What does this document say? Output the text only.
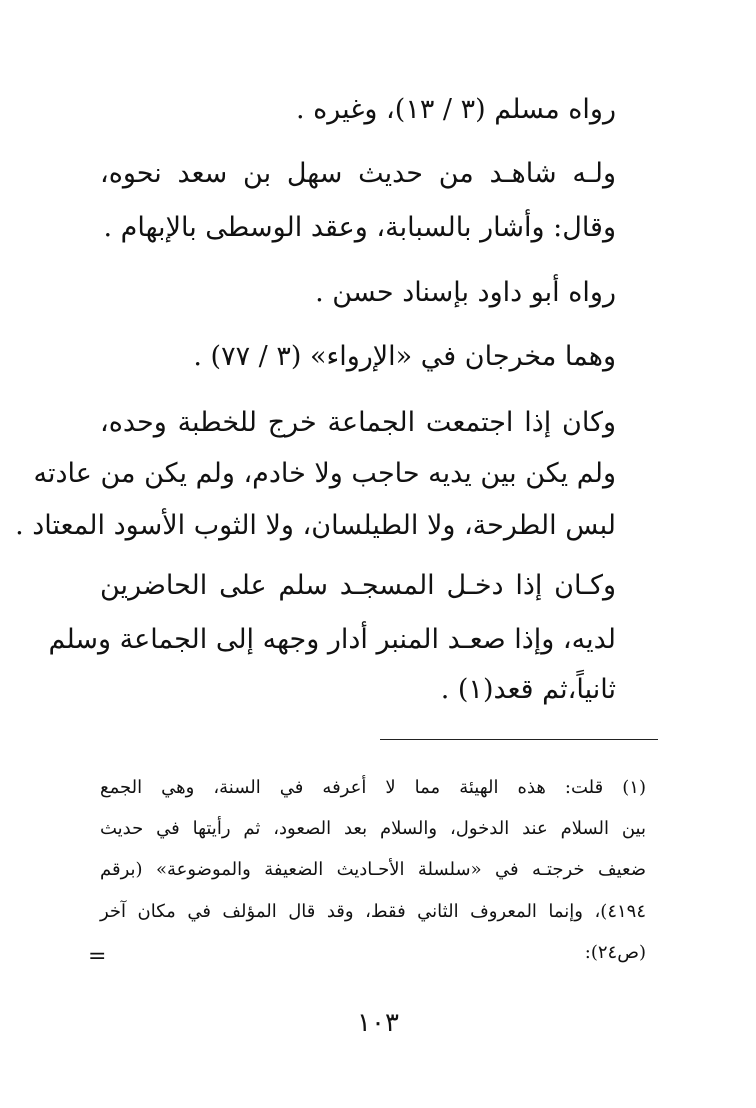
رواه مسلم (٣ / ١٣)، وغيره .
ولـه شاهـد من حديث سهل بن سعد نحوه،
وقال: وأشار بالسبابة، وعقد الوسطى بالإبهام .
رواه أبو داود بإسناد حسن .
وهما مخرجان في «الإرواء» (٣ / ٧٧) .
وكان إذا اجتمعت الجماعة خرج للخطبة وحده،
ولم يكن بين يديه حاجب ولا خادم، ولم يكن من عادته
لبس الطرحة، ولا الطيلسان، ولا الثوب الأسود المعتاد .
وكـان إذا دخـل المسجـد سلم على الحاضرين
لديه، وإذا صعـد المنبر أدار وجهه إلى الجماعة وسلم
ثانياً،ثم قعد(١) .
(١) قلت: هذه الهيئة مما لا أعرفه في السنة، وهي الجمع
بين السلام عند الدخول، والسلام بعد الصعود، ثم رأيتها في حديث
ضعيف خرجتـه في «سلسلة الأحـاديث الضعيفة والموضوعة» (برقم
٤١٩٤)، وإنما المعروف الثاني فقط، وقد قال المؤلف في مكان آخر
(ص٢٤):
=
١٠٣
